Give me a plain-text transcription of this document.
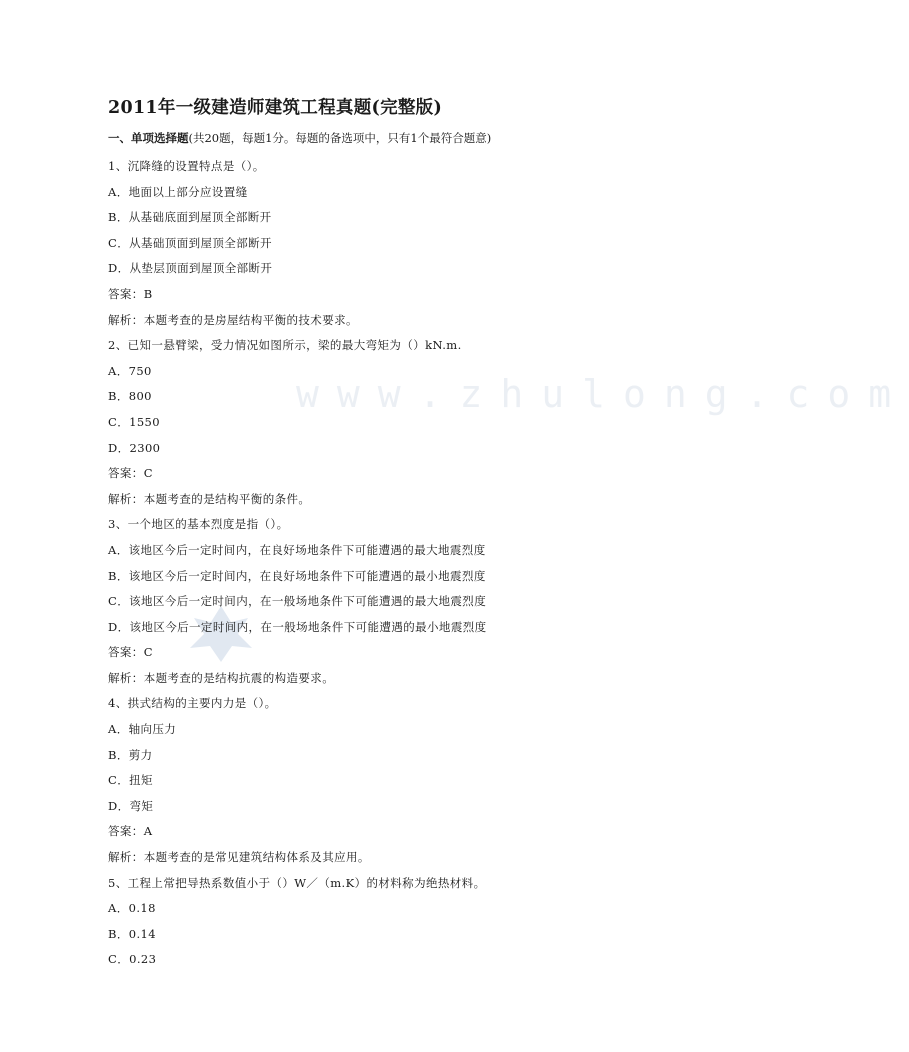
www.zhulong.com
2011年一级建造师建筑工程真题(完整版)
一、单项选择题(共20题，每题1分。每题的备选项中，只有1个最符合题意)
1、沉降缝的设置特点是（）。
A．地面以上部分应设置缝
B．从基础底面到屋顶全部断开
C．从基础顶面到屋顶全部断开
D．从垫层顶面到屋顶全部断开
答案：B
解析：本题考查的是房屋结构平衡的技术要求。
2、已知一悬臂梁，受力情况如图所示，梁的最大弯矩为（）kN.m.
A．750
B．800
C．1550
D．2300
答案：C
解析：本题考查的是结构平衡的条件。
3、一个地区的基本烈度是指（）。
A．该地区今后一定时间内，在良好场地条件下可能遭遇的最大地震烈度
B．该地区今后一定时间内，在良好场地条件下可能遭遇的最小地震烈度
C．该地区今后一定时间内，在一般场地条件下可能遭遇的最大地震烈度
D．该地区今后一定时间内，在一般场地条件下可能遭遇的最小地震烈度
答案：C
解析：本题考查的是结构抗震的构造要求。
4、拱式结构的主要内力是（）。
A．轴向压力
B．剪力
C．扭矩
D．弯矩
答案：A
解析：本题考查的是常见建筑结构体系及其应用。
5、工程上常把导热系数值小于（）W／（m.K）的材料称为绝热材料。
A．0.18
B．0.14
C．0.23
